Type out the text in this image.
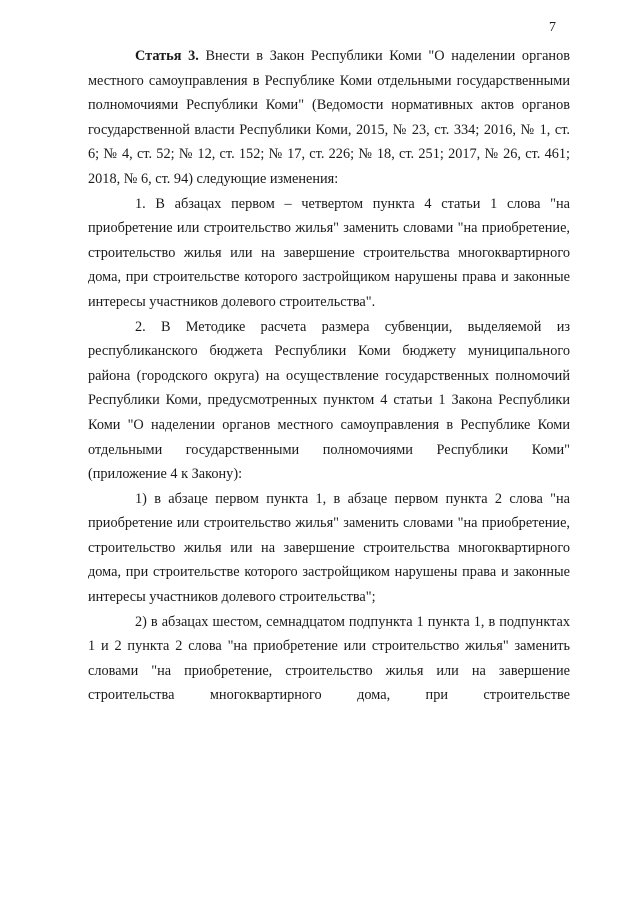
7

Статья 3. Внести в Закон Республики Коми "О наделении органов местного самоуправления в Республике Коми отдельными государственными полномочиями Республики Коми" (Ведомости нормативных актов органов государственной власти Республики Коми, 2015, № 23, ст. 334; 2016, № 1, ст. 6; № 4, ст. 52; № 12, ст. 152; № 17, ст. 226; № 18, ст. 251; 2017, № 26, ст. 461; 2018, № 6, ст. 94) следующие изменения:

1. В абзацах первом – четвертом пункта 4 статьи 1 слова "на приобретение или строительство жилья" заменить словами "на приобретение, строительство жилья или на завершение строительства многоквартирного дома, при строительстве которого застройщиком нарушены права и законные интересы участников долевого строительства".

2. В Методике расчета размера субвенции, выделяемой из республиканского бюджета Республики Коми бюджету муниципального района (городского округа) на осуществление государственных полномочий Республики Коми, предусмотренных пунктом 4 статьи 1 Закона Республики Коми "О наделении органов местного самоуправления в Республике Коми отдельными государственными полномочиями Республики Коми" (приложение 4 к Закону):

1) в абзаце первом пункта 1, в абзаце первом пункта 2 слова "на приобретение или строительство жилья" заменить словами "на приобретение, строительство жилья или на завершение строительства многоквартирного дома, при строительстве которого застройщиком нарушены права и законные интересы участников долевого строительства";

2) в абзацах шестом, семнадцатом подпункта 1 пункта 1, в подпунктах 1 и 2 пункта 2 слова "на приобретение или строительство жилья" заменить словами "на приобретение, строительство жилья или на завершение строительства многоквартирного дома, при строительстве
